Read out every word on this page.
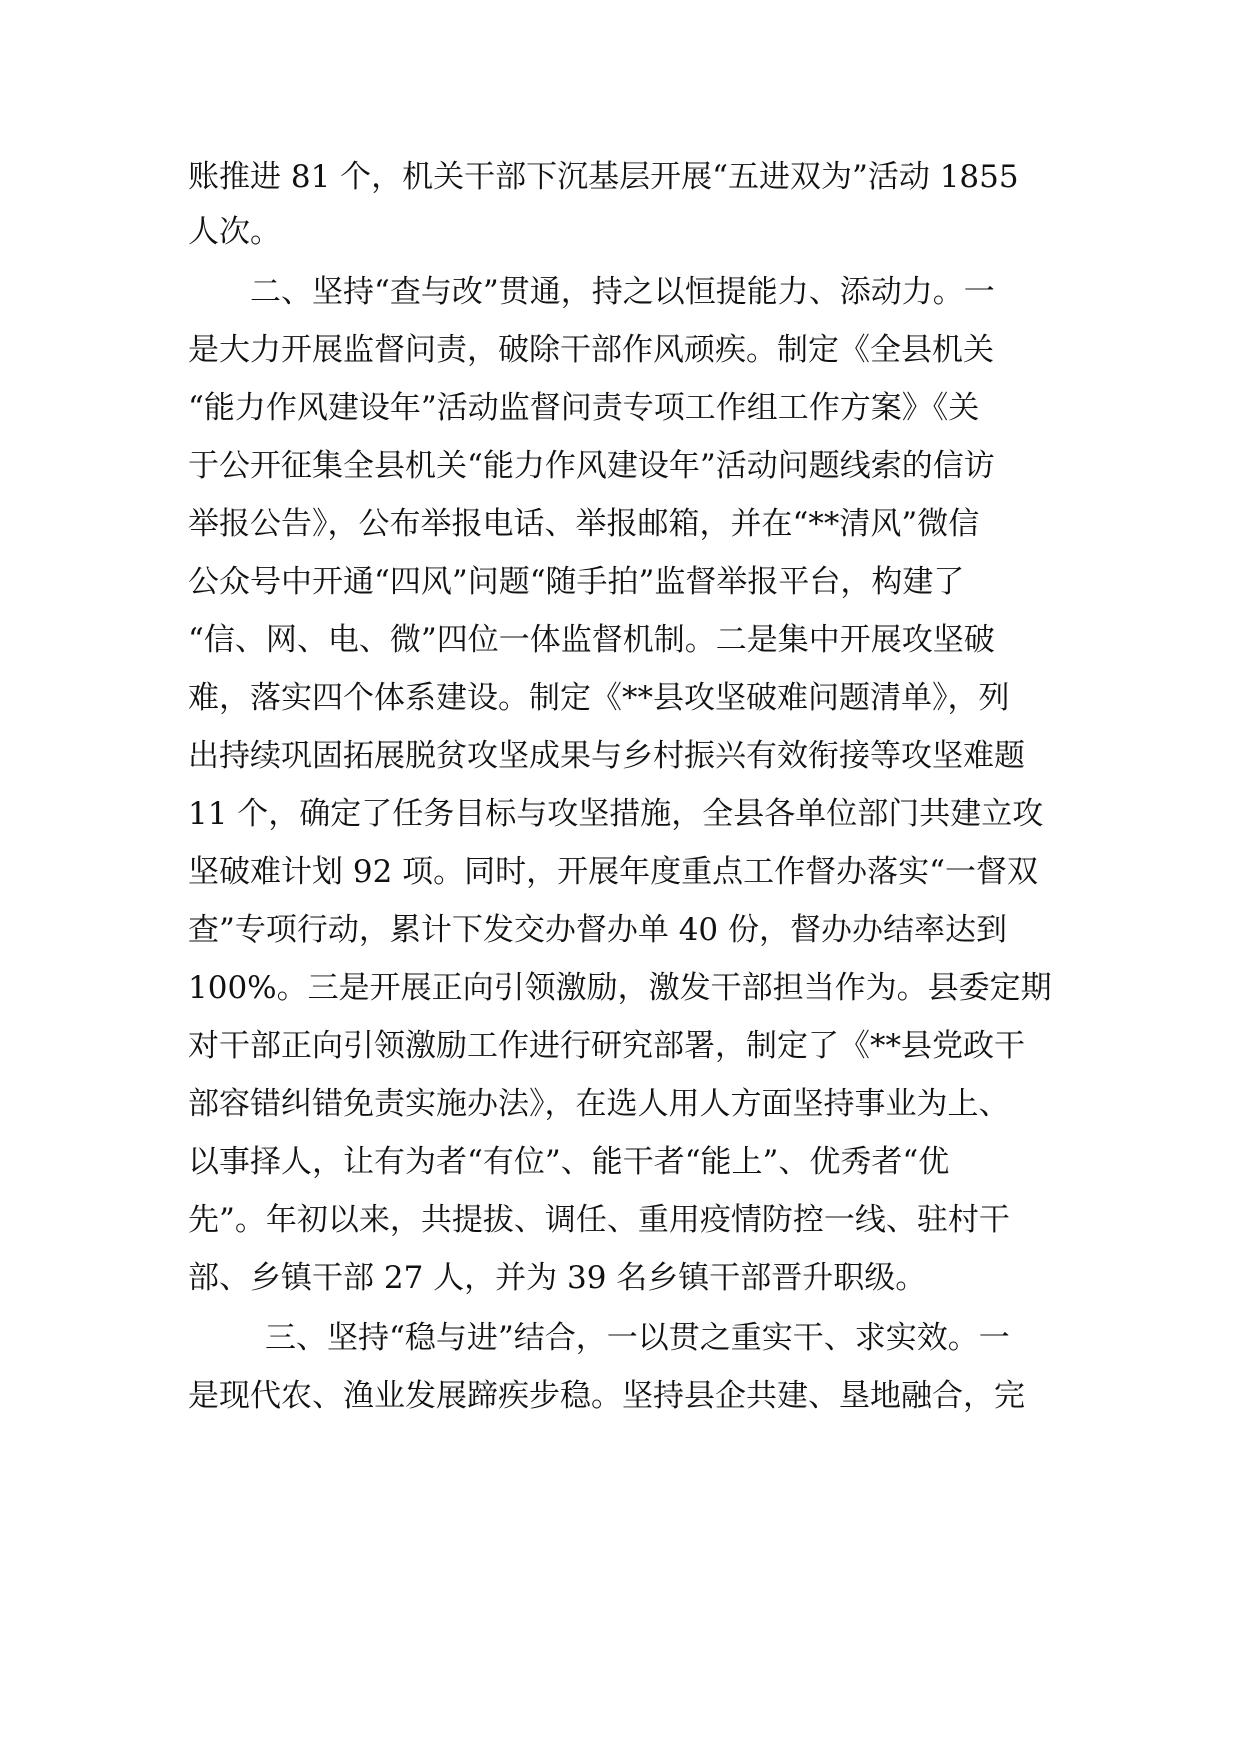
账推进 81 个，机关干部下沉基层开展“五进双为”活动 1855
人次。
二、坚持“查与改”贯通，持之以恒提能力、添动力。一
是大力开展监督问责，破除干部作风顽疾。制定《全县机关
“能力作风建设年”活动监督问责专项工作组工作方案》《关
于公开征集全县机关“能力作风建设年”活动问题线索的信访
举报公告》，公布举报电话、举报邮箱，并在“**清风”微信
公众号中开通“四风”问题“随手拍”监督举报平台，构建了
“信、网、电、微”四位一体监督机制。二是集中开展攻坚破
难，落实四个体系建设。制定《**县攻坚破难问题清单》，列
出持续巩固拓展脱贫攻坚成果与乡村振兴有效衔接等攻坚难题
11 个，确定了任务目标与攻坚措施，全县各单位部门共建立攻
坚破难计划 92 项。同时，开展年度重点工作督办落实“一督双
查”专项行动，累计下发交办督办单 40 份，督办办结率达到
100%。三是开展正向引领激励，激发干部担当作为。县委定期
对干部正向引领激励工作进行研究部署，制定了《**县党政干
部容错纠错免责实施办法》，在选人用人方面坚持事业为上、
以事择人，让有为者“有位”、能干者“能上”、优秀者“优
先”。年初以来，共提拔、调任、重用疫情防控一线、驻村干
部、乡镇干部 27 人，并为 39 名乡镇干部晋升职级。
三、坚持“稳与进”结合，一以贯之重实干、求实效。一
是现代农、渔业发展蹄疾步稳。坚持县企共建、垦地融合，完
